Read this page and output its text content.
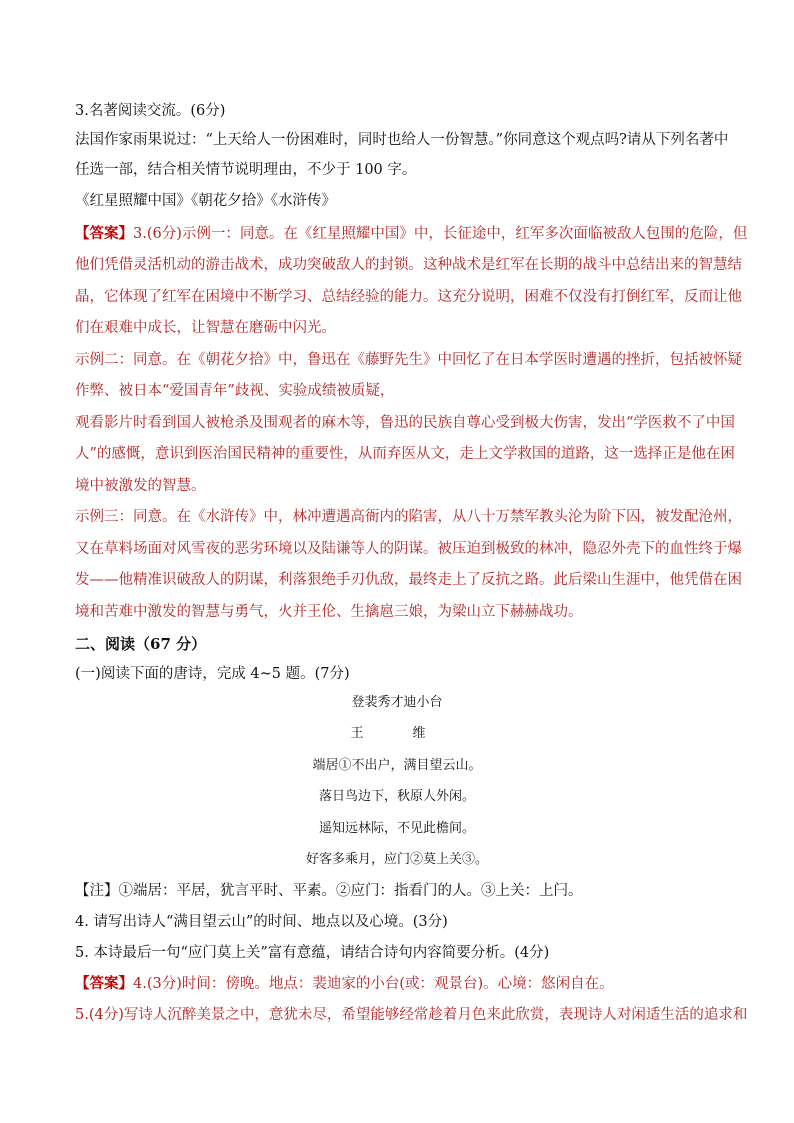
3.名著阅读交流。(6分)
法国作家雨果说过：“上天给人一份困难时，同时也给人一份智慧。”你同意这个观点吗?请从下列名著中
任选一部，结合相关情节说明理由，不少于 100 字。
《红星照耀中国》《朝花夕拾》《水浒传》
【答案】3.(6分)示例一：同意。在《红星照耀中国》中，长征途中，红军多次面临被敌人包围的危险，但
他们凭借灵活机动的游击战术，成功突破敌人的封锁。这种战术是红军在长期的战斗中总结出来的智慧结
晶，它体现了红军在困境中不断学习、总结经验的能力。这充分说明，困难不仅没有打倒红军，反而让他
们在艰难中成长，让智慧在磨砺中闪光。
示例二：同意。在《朝花夕拾》中，鲁迅在《藤野先生》中回忆了在日本学医时遭遇的挫折，包括被怀疑
作弊、被日本“爱国青年”歧视、实验成绩被质疑，
观看影片时看到国人被枪杀及围观者的麻木等，鲁迅的民族自尊心受到极大伤害，发出“学医救不了中国
人”的感慨，意识到医治国民精神的重要性，从而弃医从文，走上文学救国的道路，这一选择正是他在困
境中被激发的智慧。
示例三：同意。在《水浒传》中，林冲遭遇高衙内的陷害，从八十万禁军教头沦为阶下囚，被发配沧州，
又在草料场面对风雪夜的恶劣环境以及陆谦等人的阴谋。被压迫到极致的林冲，隐忍外壳下的血性终于爆
发——他精准识破敌人的阴谋，利落狠绝手刃仇敌，最终走上了反抗之路。此后梁山生涯中，他凭借在困
境和苦难中激发的智慧与勇气，火并王伦、生擒扈三娘，为梁山立下赫赫战功。
二、阅读（67 分）
(一)阅读下面的唐诗，完成 4~5 题。(7分)
登裴秀才迪小台
王　维
端居①不出户，满目望云山。
落日鸟边下，秋原人外闲。
遥知远林际，不见此檐间。
好客多乘月，应门②莫上关③。
【注】①端居：平居，犹言平时、平素。②应门：指看门的人。③上关：上闩。
4. 请写出诗人“满目望云山”的时间、地点以及心境。(3分)
5. 本诗最后一句“应门莫上关”富有意蕴，请结合诗句内容简要分析。(4分)
【答案】4.(3分)时间：傍晚。地点：裴迪家的小台(或：观景台)。心境：悠闲自在。
5.(4分)写诗人沉醉美景之中，意犹未尽，希望能够经常趁着月色来此欣赏，表现诗人对闲适生活的追求和
